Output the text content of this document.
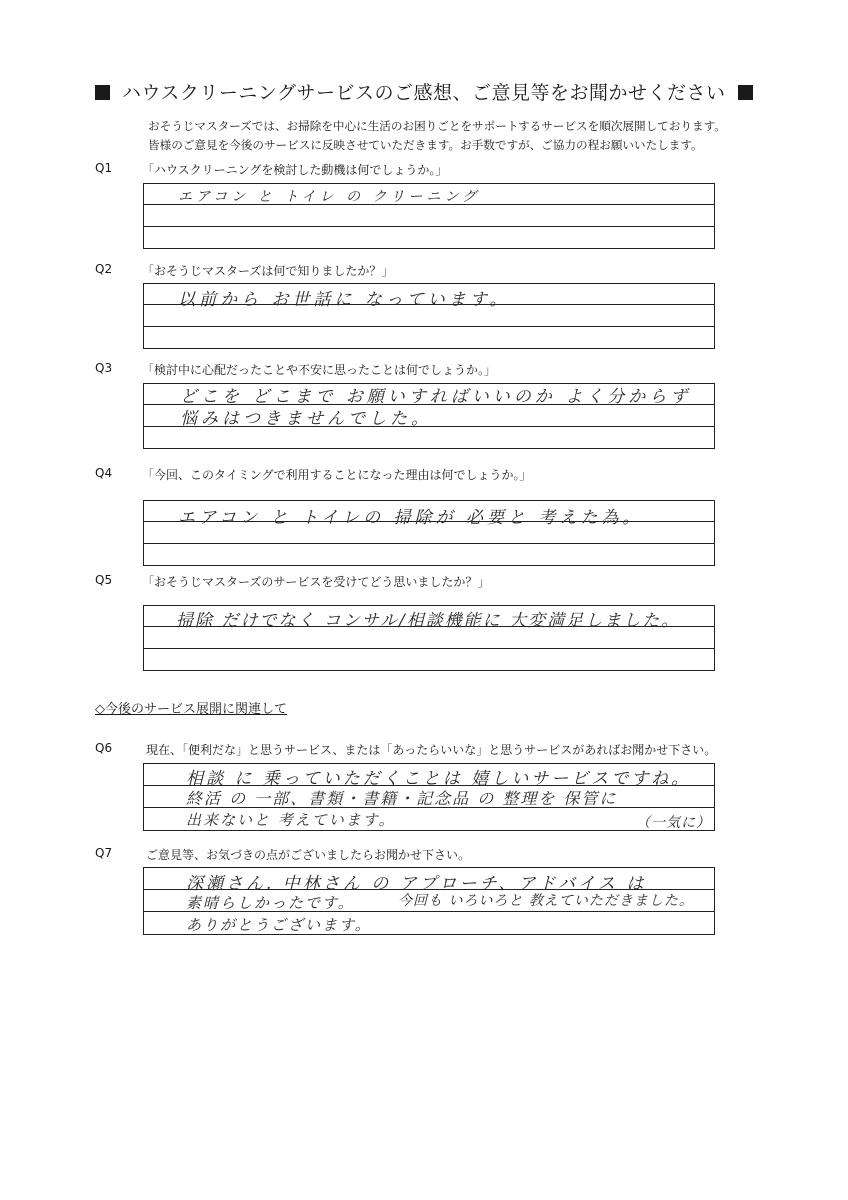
ハウスクリーニングサービスのご感想、ご意見等をお聞かせください
おそうじマスターズでは、お掃除を中心に生活のお困りごとをサポートするサービスを順次展開しております。
皆様のご意見を今後のサービスに反映させていただきます。お手数ですが、ご協力の程お願いいたします。
Q1 「ハウスクリーニングを検討した動機は何でしょうか。」
エアコン と トイレ の クリーニング
Q2 「おそうじマスターズは何で知りましたか？」
以前から お世話に なっています。
Q3 「検討中に心配だったことや不安に思ったことは何でしょうか。」
どこを どこまで お願いすればいいのか よく分からず
悩みはつきませんでした。
Q4 「今回、このタイミングで利用することになった理由は何でしょうか。」
エアコン と トイレの 掃除が 必要と 考えた為。
Q5 「おそうじマスターズのサービスを受けてどう思いましたか？」
掃除 だけでなく コンサル/相談機能に 大変満足しました。
◇今後のサービス展開に関連して
Q6	現在、「便利だな」と思うサービス、または「あったらいいな」と思うサービスがあればお聞かせ下さい。
相談 に 乗っていただくことは 嬉しいサービスですね。
終活 の 一部、書類・書籍・記念品 の 整理を 保管に
出来ないと 考えています。	（一気に）
Q7	ご意見等、お気づきの点がございましたらお聞かせ下さい。
深瀬さん. 中林さん の アプローチ、アドバイス は
素晴らしかったです。	今回も いろいろと 教えていただきました。
ありがとうございます。
